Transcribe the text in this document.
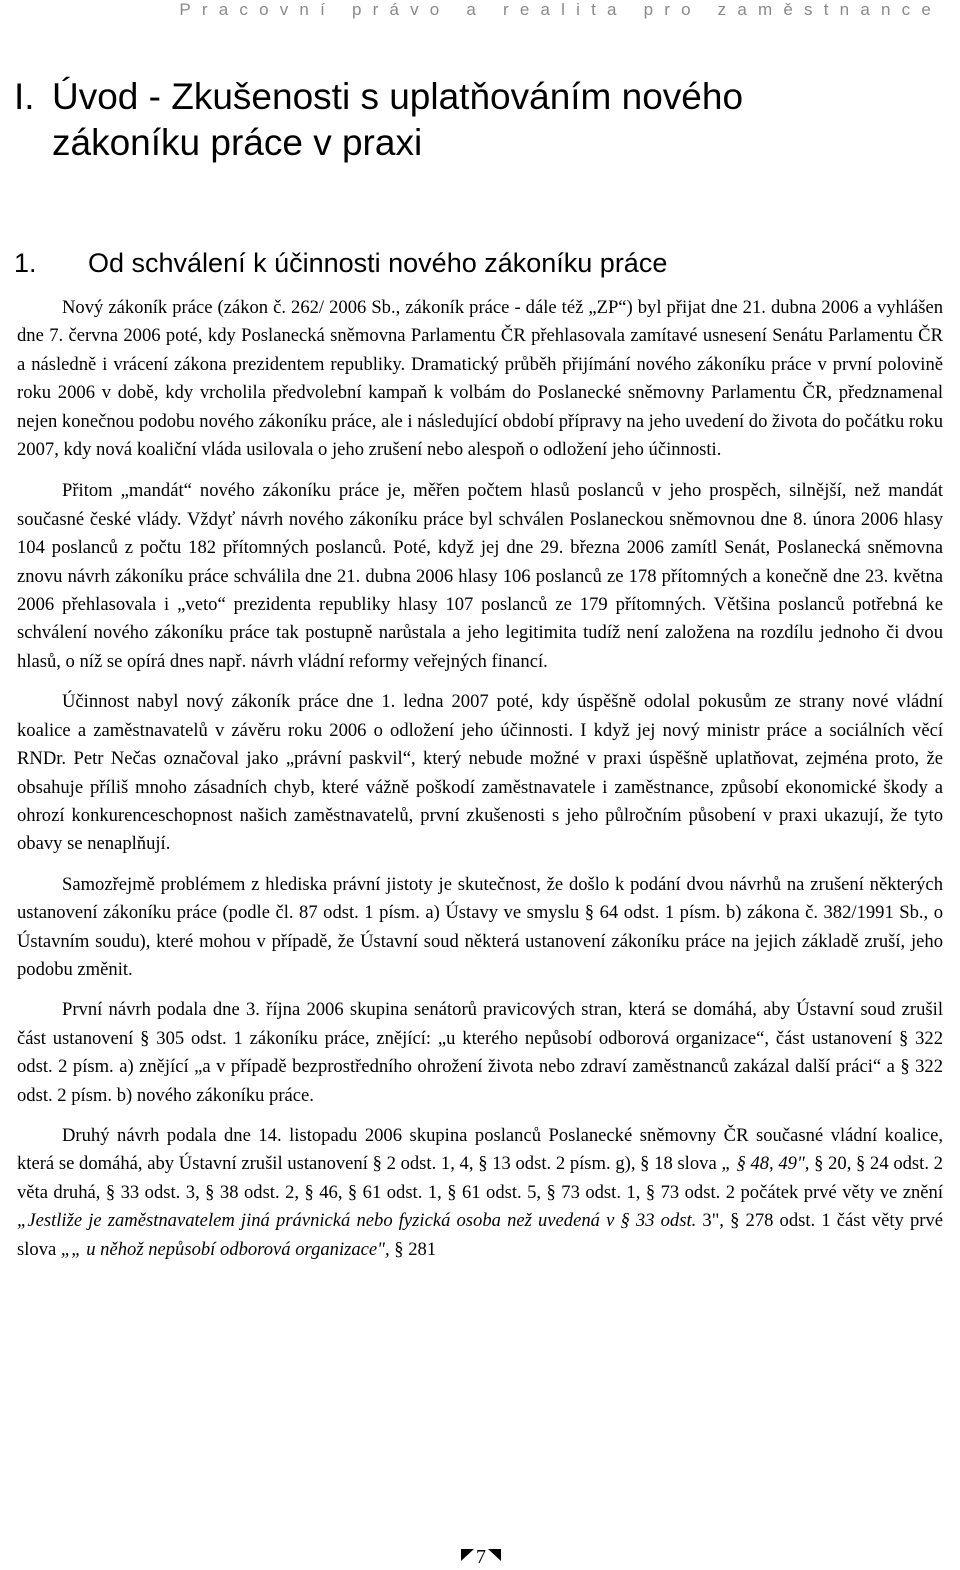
Pracovní právo a realita pro zaměstnance
I. Úvod - Zkušenosti s uplatňováním nového
zákoníku práce v praxi
1. Od schválení k účinnosti nového zákoníku práce

Nový zákoník práce (zákon č. 262/ 2006 Sb., zákoník práce - dále též „ZP“) byl přijat dne 21. dubna 2006 a vyhlášen dne 7. června 2006 poté, kdy Poslanecká sněmovna Parlamentu ČR přehlasovala zamítavé usnesení Senátu Parlamentu ČR a následně i vrácení zákona prezidentem republiky. Dramatický průběh přijímání nového zákoníku práce v první polovině roku 2006 v době, kdy vrcholila předvolební kampaň k volbám do Poslanecké sněmovny Parlamentu ČR, předznamenal nejen konečnou podobu nového zákoníku práce, ale i následující období přípravy na jeho uvedení do života do počátku roku 2007, kdy nová koaliční vláda usilovala o jeho zrušení nebo alespoň o odložení jeho účinnosti.

Přitom „mandát“ nového zákoníku práce je, měřen počtem hlasů poslanců v jeho prospěch, silnější, než mandát současné české vlády. Vždyť návrh nového zákoníku práce byl schválen Poslaneckou sněmovnou dne 8. února 2006 hlasy 104 poslanců z počtu 182 přítomných poslanců. Poté, když jej dne 29. března 2006 zamítl Senát, Poslanecká sněmovna znovu návrh zákoníku práce schválila dne 21. dubna 2006 hlasy 106 poslanců ze 178 přítomných a konečně dne 23. května 2006 přehlasovala i „veto“ prezidenta republiky hlasy 107 poslanců ze 179 přítomných. Většina poslanců potřebná ke schválení nového zákoníku práce tak postupně narůstala a jeho legitimita tudíž není založena na rozdílu jednoho či dvou hlasů, o níž se opírá dnes např. návrh vládní reformy veřejných financí.

Účinnost nabyl nový zákoník práce dne 1. ledna 2007 poté, kdy úspěšně odolal pokusům ze strany nové vládní koalice a zaměstnavatelů v závěru roku 2006 o odložení jeho účinnosti. I když jej nový ministr práce a sociálních věcí RNDr. Petr Nečas označoval jako „právní paskvil“, který nebude možné v praxi úspěšně uplatňovat, zejména proto, že obsahuje příliš mnoho zásadních chyb, které vážně poškodí zaměstnavatele i zaměstnance, způsobí ekonomické škody a ohrozí konkurenceschopnost našich zaměstnavatelů, první zkušenosti s jeho půlročním působení v praxi ukazují, že tyto obavy se nenaplňují.

Samozřejmě problémem z hlediska právní jistoty je skutečnost, že došlo k podání dvou návrhů na zrušení některých ustanovení zákoníku práce (podle čl. 87 odst. 1 písm. a) Ústavy ve smyslu § 64 odst. 1 písm. b) zákona č. 382/1991 Sb., o Ústavním soudu), které mohou v případě, že Ústavní soud některá ustanovení zákoníku práce na jejich základě zruší, jeho podobu změnit.

První návrh podala dne 3. října 2006 skupina senátorů pravicových stran, která se domáhá, aby Ústavní soud zrušil část ustanovení § 305 odst. 1 zákoníku práce, znějící: „u kterého nepůsobí odborová organizace“, část ustanovení § 322 odst. 2 písm. a) znějící „a v případě bezprostředního ohrožení života nebo zdraví zaměstnanců zakázal další práci“ a § 322 odst. 2 písm. b) nového zákoníku práce.

Druhý návrh podala dne 14. listopadu 2006 skupina poslanců Poslanecké sněmovny ČR současné vládní koalice, která se domáhá, aby Ústavní zrušil ustanovení § 2 odst. 1, 4, § 13 odst. 2 písm. g), § 18 slova „ § 48, 49", § 20, § 24 odst. 2 věta druhá, § 33 odst. 3, § 38 odst. 2, § 46, § 61 odst. 1, § 61 odst. 5, § 73 odst. 1, § 73 odst. 2 počátek prvé věty ve znění „Jestliže je zaměstnavatelem jiná právnická nebo fyzická osoba než uvedená v § 33 odst. 3", § 278 odst. 1 část věty prvé slova „„ u něhož nepůsobí odborová organizace", § 281

7
